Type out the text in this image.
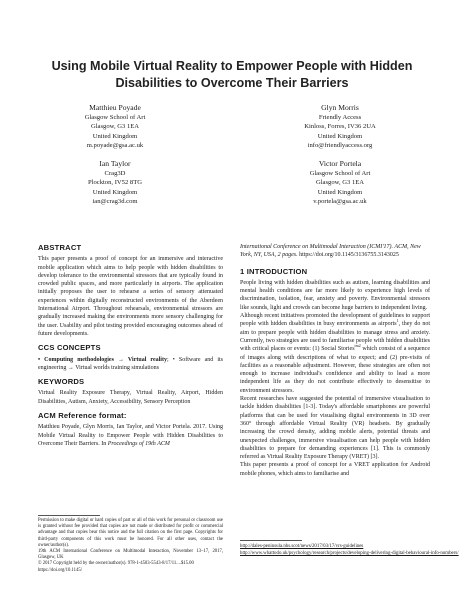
Using Mobile Virtual Reality to Empower People with Hidden
Disabilities to Overcome Their Barriers
Matthieu Poyade
Glasgow School of Art
Glasgow, G3 1EA
United Kingdom
m.poyade@gsa.ac.uk
Glyn Morris
Friendly Access
Kinloss, Forres, IV36 2UA
United Kingdom
info@friendlyaccess.org
Ian Taylor
Crag3D
Plockton, IV52 8TG
United Kingdom
ian@crag3d.com
Victor Portela
Glasgow School of Art
Glasgow, G3 1EA
United Kingdom
v.portela@gsa.ac.uk
ABSTRACT

This paper presents a proof of concept for an immersive and interactive mobile application which aims to help people with hidden disabilities to develop tolerance to the environmental stressors that are typically found in crowded public spaces, and more particularly in airports. The application initially proposes the user to rehearse a series of sensory attenuated experiences within digitally reconstructed environments of the Aberdeen International Airport. Throughout rehearsals, environmental stressors are gradually increased making the environments more sensory challenging for the user. Usability and pilot testing provided encouraging outcomes ahead of future developments.

CCS CONCEPTS

• Computing methodologies → Virtual reality; • Software and its engineering → Virtual worlds training simulations

KEYWORDS

Virtual Reality Exposure Therapy, Virtual Reality, Airport, Hidden Disabilities, Autism, Anxiety, Accessibility, Sensory Perception

ACM Reference format:

Matthieu Poyade, Glyn Morris, Ian Taylor, and Victor Portela. 2017. Using Mobile Virtual Reality to Empower People with Hidden Disabilities to Overcome Their Barriers. In Proceedings of 19th ACM

Permission to make digital or hard copies of part or all of this work for personal or classroom use is granted without fee provided that copies are not made or distributed for profit or commercial advantage and that copies bear this notice and the full citation on the first page. Copyrights for third-party components of this work must be honored. For all other uses, contact the owner/author(s).

19th ACM International Conference on Multimodal Interaction, November 13–17, 2017, Glasgow, UK

© 2017 Copyright held by the owner/author(s). 978-1-4503-5543-8/17/11....$15.00

https://doi.org/10.1145/

International Conference on Multimodal Interaction (ICMI'17). ACM, New York, NY, USA, 2 pages. https://doi.org/10.1145/3136755.3143025

1 INTRODUCTION

People living with hidden disabilities such as autism, learning disabilities and mental health conditions are far more likely to experience high levels of discrimination, isolation, fear, anxiety and poverty. Environmental stressors like sounds, light and crowds can become huge barriers to independent living.

Although recent initiatives promoted the development of guidelines to support people with hidden disabilities in busy environments as airports$^1$, they do not aim to prepare people with hidden disabilities to manage stress and anxiety. Currently, two strategies are used to familiarise people with hidden disabilities with critical places or events: (1) Social Stories$^{tm2}$ which consist of a sequence of images along with descriptions of what to expect; and (2) pre-visits of facilities as a reasonable adjustment. However, these strategies are often not enough to increase individual's confidence and ability to lead a more independent life as they do not contribute effectively to desensitise to environment stressors.

Recent researches have suggested the potential of immersive visualisation to tackle hidden disabilities [1-3]. Today's affordable smartphones are powerful platforms that can be used for visualising digital environments in 3D over 360° through affordable Virtual Reality (VR) headsets. By gradually increasing the crowd density, adding mobile alerts, potential threats and unexpected challenges, immersive visualisation can help people with hidden disabilities to prepare for demanding experiences [1]. This is commonly referred as Virtual Reality Exposure Therapy (VRET) [3].

This paper presents a proof of concept for a VRET application for Android mobile phones, which aims to familiarise and

http://dales-peninsula.nhs.scot/news/2017/03/17/vrs-guidelines
http://www.whattodo.uk/psychology/research/projects/developing-delivering-digital-behavioural-info-numbers/
